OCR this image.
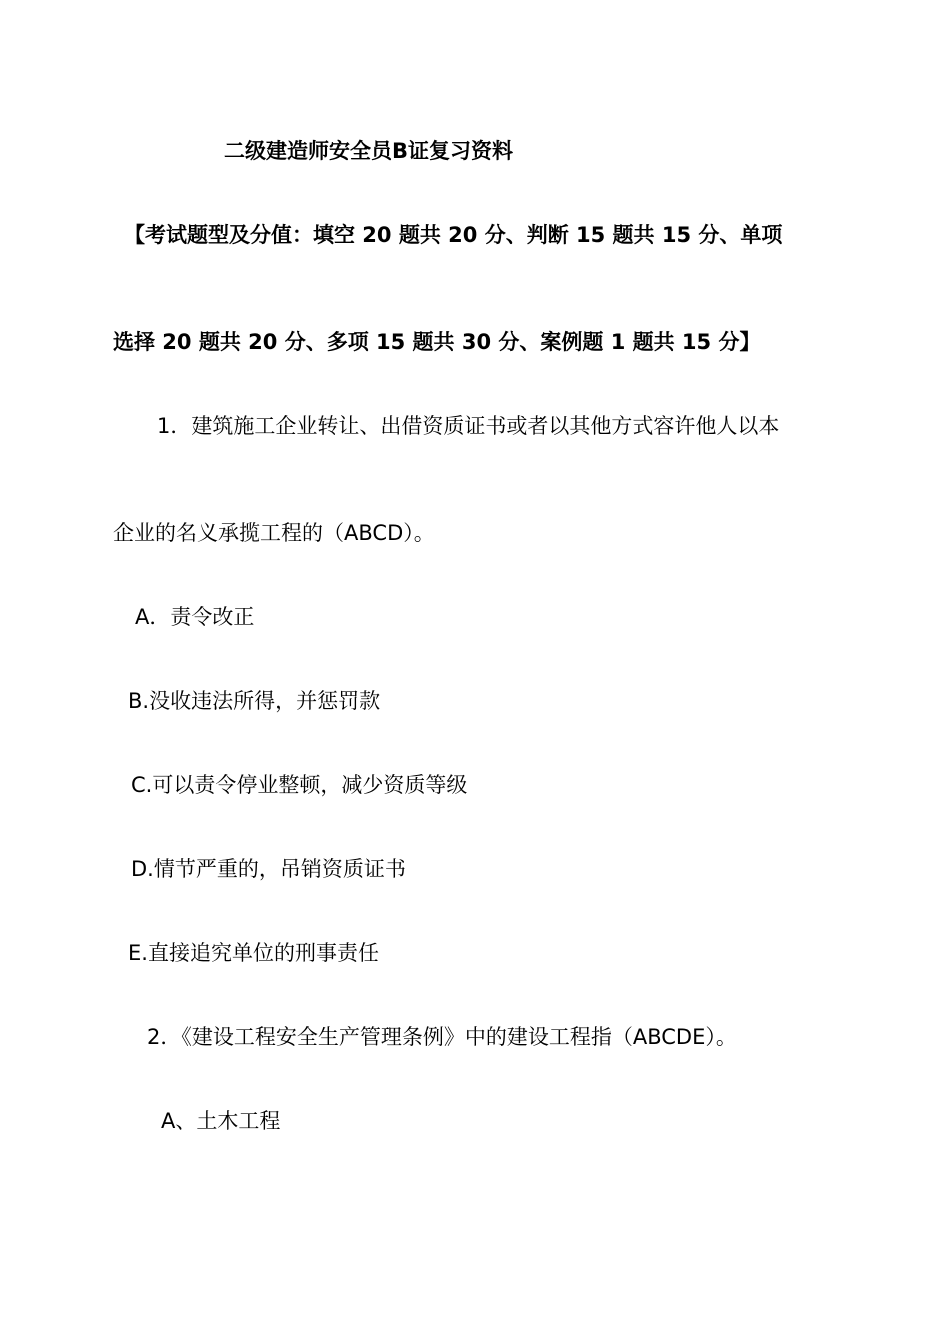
二级建造师安全员B证复习资料
【考试题型及分值：填空 20 题共 20 分、判断 15 题共 15 分、单项
选择 20 题共 20 分、多项 15 题共 30 分、案例题 1 题共 15 分】
1．建筑施工企业转让、出借资质证书或者以其他方式容许他人以本
企业的名义承揽工程的（ABCD）。
A．责令改正
B.没收违法所得，并惩罚款
C.可以责令停业整顿，减少资质等级
D.情节严重的，吊销资质证书
E.直接追究单位的刑事责任
2．《建设工程安全生产管理条例》中的建设工程指（ABCDE）。
A、土木工程
